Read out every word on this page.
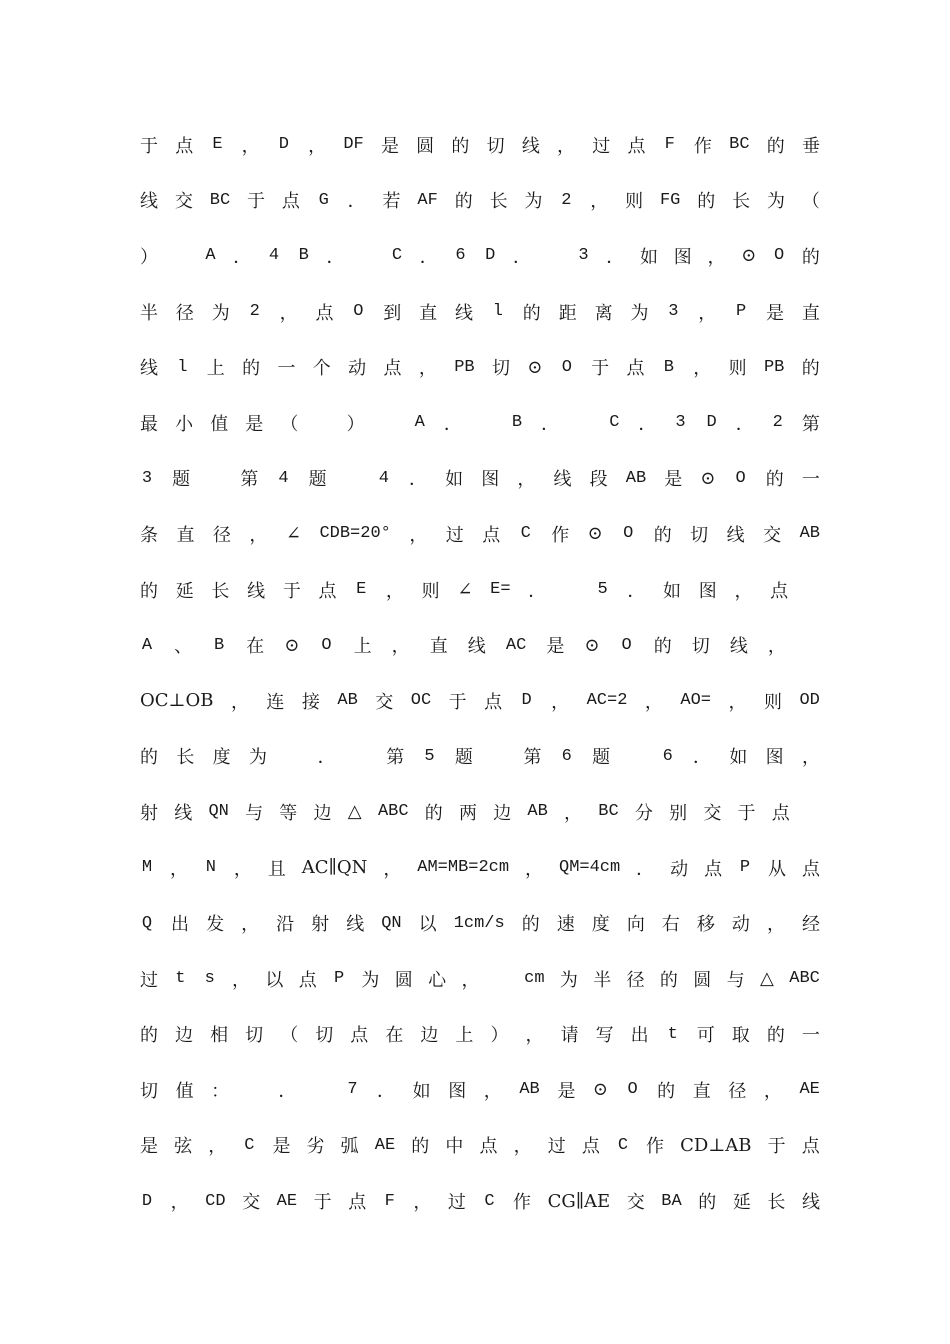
于 点 E ， D ， DF 是 圆 的 切 线 ， 过 点 F 作 BC 的 垂
线 交 BC 于 点 G ． 若 AF 的 长 为 2 ， 则 FG 的 长 为 （
）	A ． 4 B ．	C ． 6 D ．	3 ． 如 图 ， ⊙ O 的
半 径 为 2 ， 点 O 到 直 线 l 的 距 离 为 3 ， P 是 直
线 l 上 的 一 个 动 点 ， PB 切 ⊙ O 于 点 B ， 则 PB 的
最 小 值 是 （	）	A ．	B ．	C ． 3 D ． 2 第
3 题	第 4 题	4 ． 如 图 ， 线 段 AB 是 ⊙ O 的 一
条 直 径 ， ∠ CDB=20° ， 过 点 C 作 ⊙ O 的 切 线 交 AB
的 延 长 线 于 点 E ， 则 ∠ E= ．	5 ． 如 图 ， 点
A 、 B 在 ⊙ O 上 ， 直 线 AC 是 ⊙ O 的 切 线 ，
OC⊥OB ， 连 接 AB 交 OC 于 点 D ， AC=2 ， AO= ， 则 OD
的 长 度 为	．	第 5 题	第 6 题	6 ． 如 图 ，
射 线 QN 与 等 边 △ ABC 的 两 边 AB ， BC 分 别 交 于 点
M ， N ， 且 AC∥QN ， AM=MB=2cm ， QM=4cm ． 动 点 P 从 点
Q 出 发 ， 沿 射 线 QN 以 1cm/s 的 速 度 向 右 移 动 ， 经
过 t s ， 以 点 P 为 圆 心 ，	cm 为 半 径 的 圆 与 △ ABC
的 边 相 切 （ 切 点 在 边 上 ） ， 请 写 出 t 可 取 的 一
切 值 ：	．	7 ． 如 图 ， AB 是 ⊙ O 的 直 径 ， AE
是 弦 ， C 是 劣 弧 AE 的 中 点 ， 过 点 C 作 CD⊥AB 于 点
D ， CD 交 AE 于 点 F ， 过 C 作 CG∥AE 交 BA 的 延 长 线
